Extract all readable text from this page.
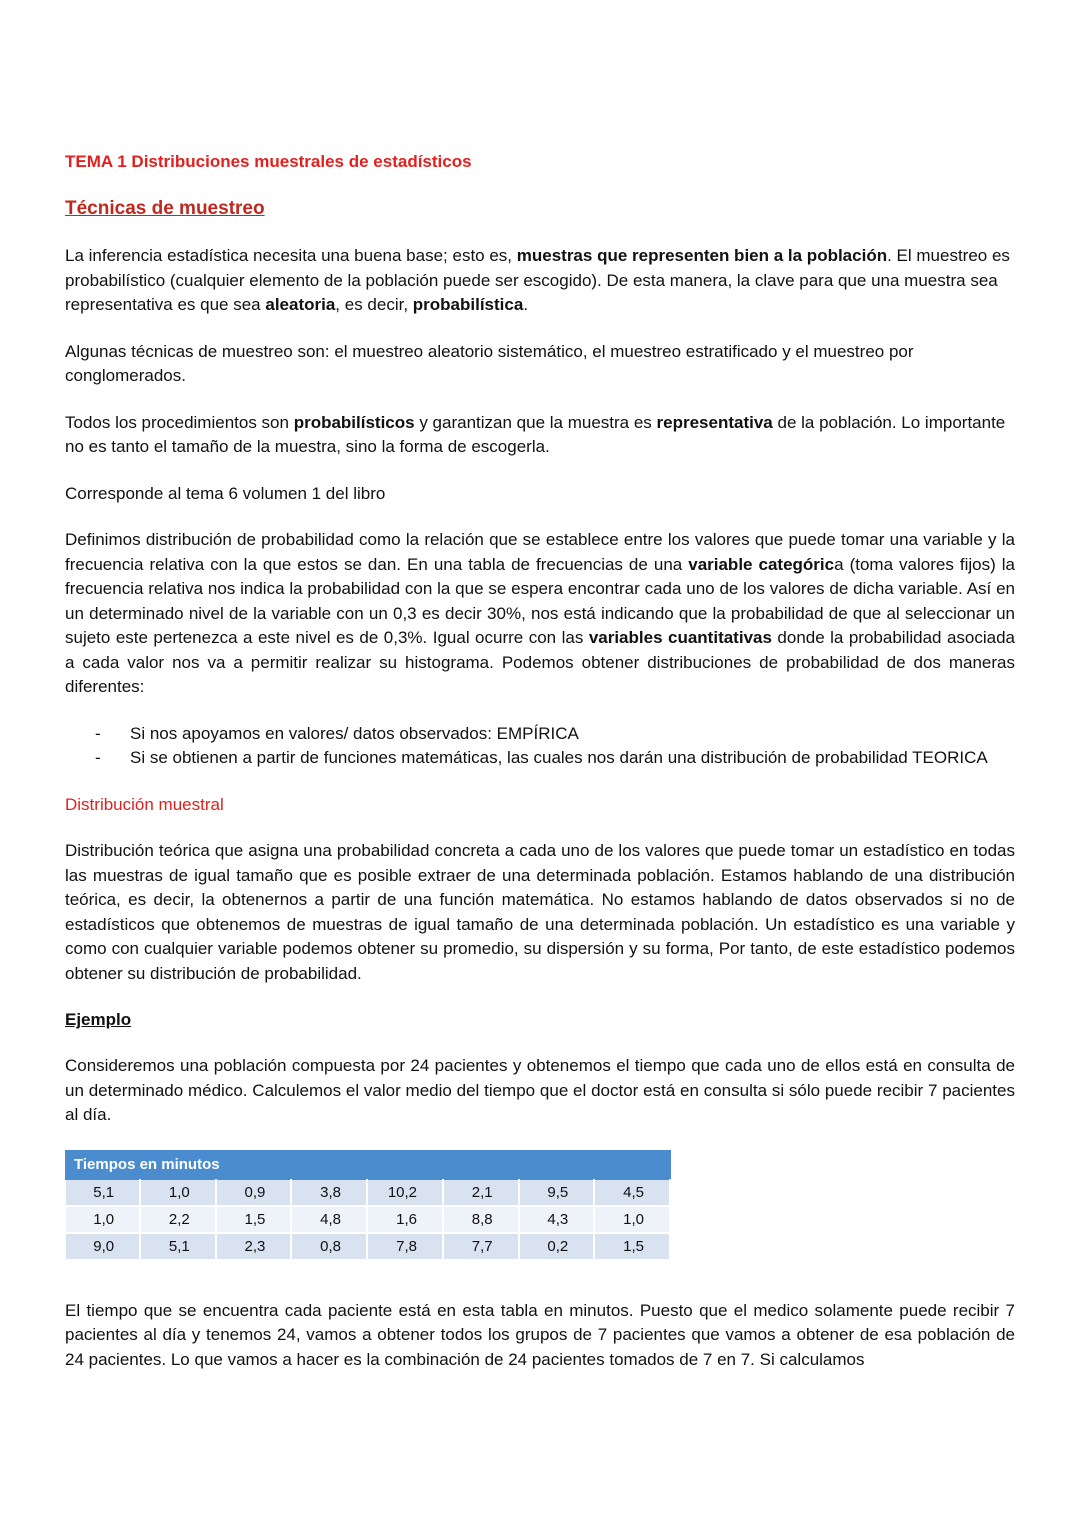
TEMA 1 Distribuciones muestrales de estadísticos

Técnicas de muestreo

La inferencia estadística necesita una buena base; esto es, muestras que representen bien a la población. El muestreo es probabilístico (cualquier elemento de la población puede ser escogido). De esta manera, la clave para que una muestra sea representativa es que sea aleatoria, es decir, probabilística.

Algunas técnicas de muestreo son: el muestreo aleatorio sistemático, el muestreo estratificado y el muestreo por conglomerados.

Todos los procedimientos son probabilísticos y garantizan que la muestra es representativa de la población. Lo importante no es tanto el tamaño de la muestra, sino la forma de escogerla.

Corresponde al tema 6 volumen 1 del libro

Definimos distribución de probabilidad como la relación que se establece entre los valores que puede tomar una variable y la frecuencia relativa con la que estos se dan. En una tabla de frecuencias de una variable categórica (toma valores fijos) la frecuencia relativa nos indica la probabilidad con la que se espera encontrar cada uno de los valores de dicha variable. Así en un determinado nivel de la variable con un 0,3 es decir 30%, nos está indicando que la probabilidad de que al seleccionar un sujeto este pertenezca a este nivel es de 0,3%. Igual ocurre con las variables cuantitativas donde la probabilidad asociada a cada valor nos va a permitir realizar su histograma. Podemos obtener distribuciones de probabilidad de dos maneras diferentes:

- Si nos apoyamos en valores/ datos observados: EMPÍRICA
- Si se obtienen a partir de funciones matemáticas, las cuales nos darán una distribución de probabilidad TEORICA

Distribución muestral

Distribución teórica que asigna una probabilidad concreta a cada uno de los valores que puede tomar un estadístico en todas las muestras de igual tamaño que es posible extraer de una determinada población. Estamos hablando de una distribución teórica, es decir, la obtenernos a partir de una función matemática. No estamos hablando de datos observados si no de estadísticos que obtenemos de muestras de igual tamaño de una determinada población. Un estadístico es una variable y como con cualquier variable podemos obtener su promedio, su dispersión y su forma, Por tanto, de este estadístico podemos obtener su distribución de probabilidad.

Ejemplo

Consideremos una población compuesta por 24 pacientes y obtenemos el tiempo que cada uno de ellos está en consulta de un determinado médico. Calculemos el valor medio del tiempo que el doctor está en consulta si sólo puede recibir 7 pacientes al día.

Tiempos en minutos							
5,1	1,0	0,9	3,8	10,2	2,1	9,5	4,5
1,0	2,2	1,5	4,8	1,6	8,8	4,3	1,0
9,0	5,1	2,3	0,8	7,8	7,7	0,2	1,5

El tiempo que se encuentra cada paciente está en esta tabla en minutos. Puesto que el medico solamente puede recibir 7 pacientes al día y tenemos 24, vamos a obtener todos los grupos de 7 pacientes que vamos a obtener de esa población de 24 pacientes. Lo que vamos a hacer es la combinación de 24 pacientes tomados de 7 en 7. Si calculamos
